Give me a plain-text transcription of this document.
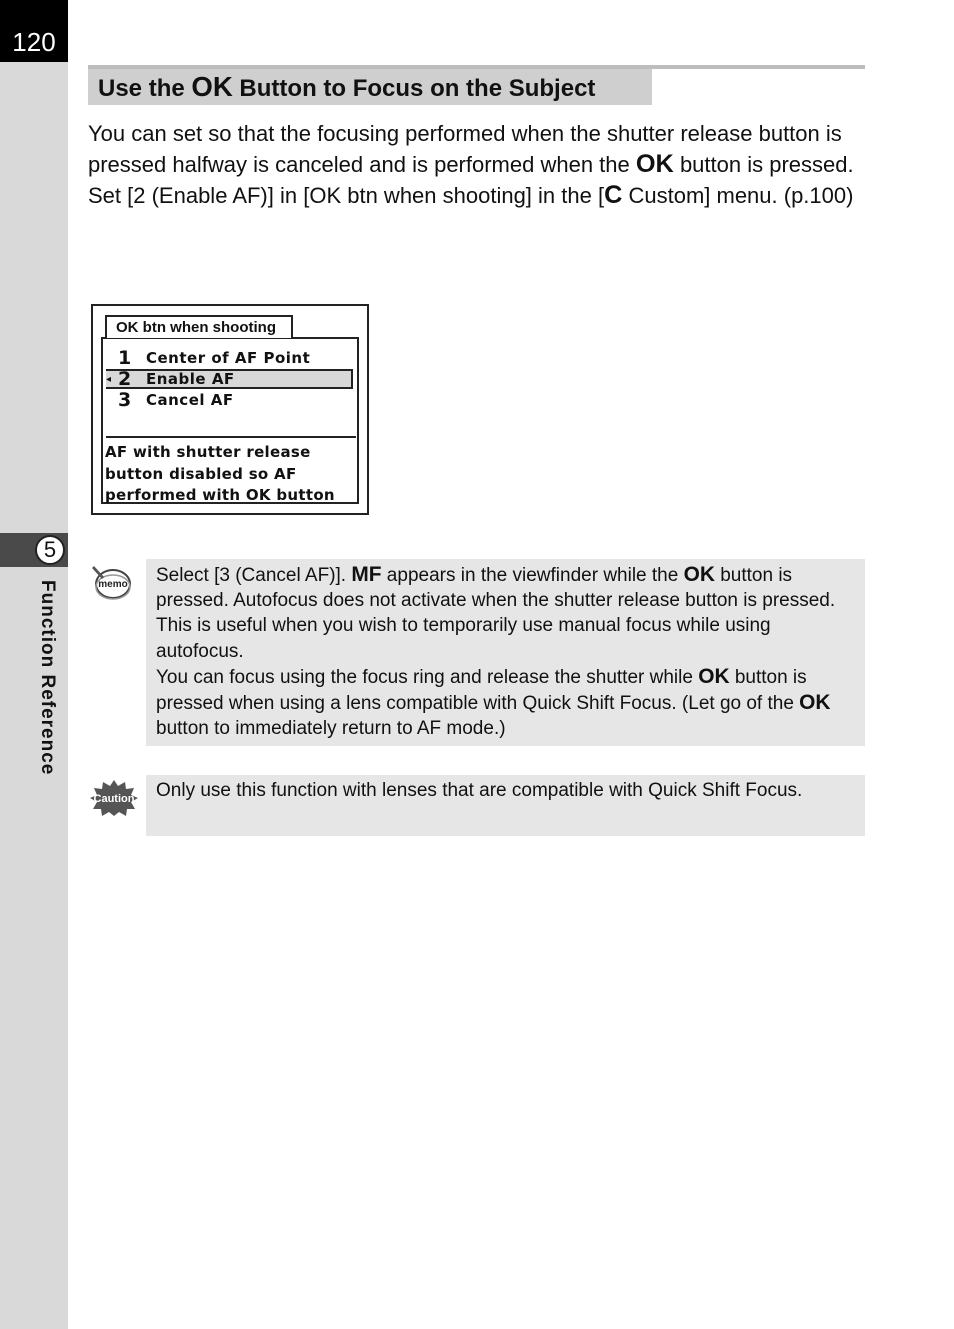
120
5
Function Reference
Use the OK Button to Focus on the Subject

You can set so that the focusing performed when the shutter release button is pressed halfway is canceled and is performed when the OK button is pressed.

Set [2 (Enable AF)] in [OK btn when shooting] in the [C Custom] menu. (p.100)

OK btn when shooting
1 Center of AF Point
◂ 2 Enable AF
3 Cancel AF
AF with shutter release
button disabled so AF
performed with OK button
memo Select [3 (Cancel AF)]. MF appears in the viewfinder while the OK button is pressed. Autofocus does not activate when the shutter release button is pressed. This is useful when you wish to temporarily use manual focus while using autofocus.

You can focus using the focus ring and release the shutter while OK button is pressed when using a lens compatible with Quick Shift Focus. (Let go of the OK button to immediately return to AF mode.)

Caution Only use this function with lenses that are compatible with Quick Shift Focus.
